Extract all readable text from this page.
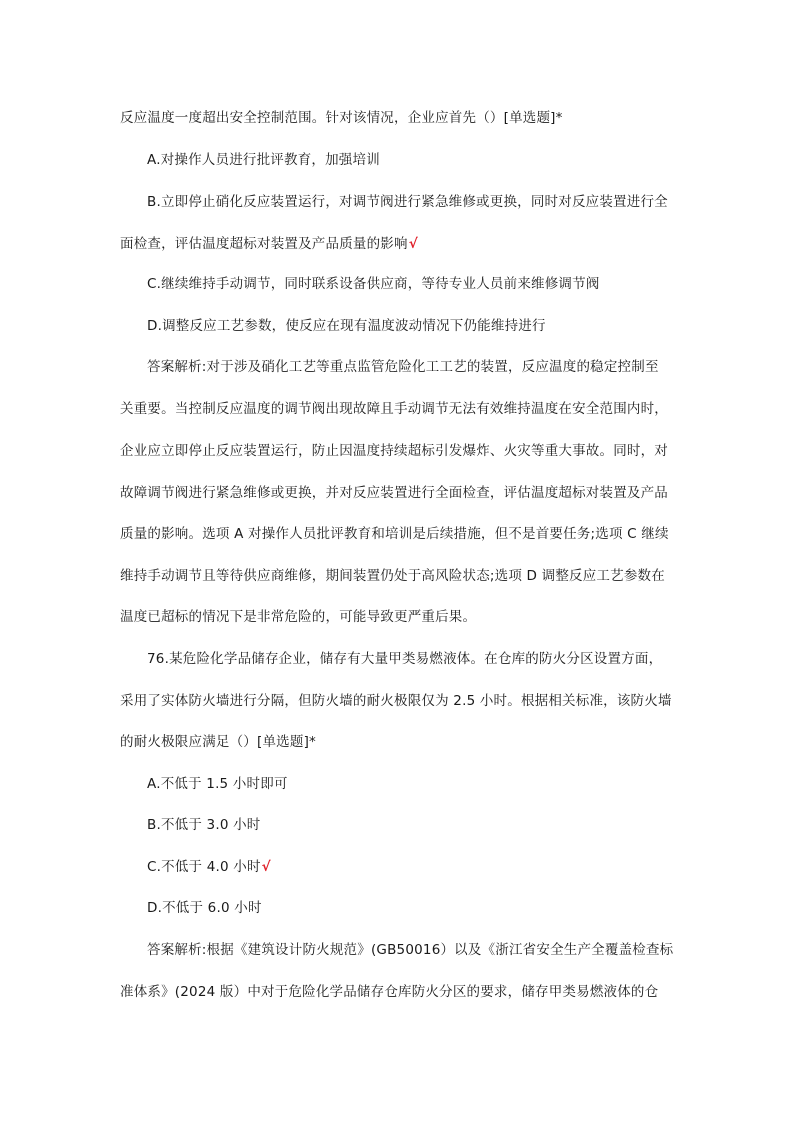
反应温度一度超出安全控制范围。针对该情况，企业应首先（）[单选题]*
A.对操作人员进行批评教育，加强培训
B.立即停止硝化反应装置运行，对调节阀进行紧急维修或更换，同时对反应装置进行全
面检查，评估温度超标对装置及产品质量的影响√
C.继续维持手动调节，同时联系设备供应商，等待专业人员前来维修调节阀
D.调整反应工艺参数，使反应在现有温度波动情况下仍能维持进行
答案解析:对于涉及硝化工艺等重点监管危险化工工艺的装置，反应温度的稳定控制至
关重要。当控制反应温度的调节阀出现故障且手动调节无法有效维持温度在安全范围内时，
企业应立即停止反应装置运行，防止因温度持续超标引发爆炸、火灾等重大事故。同时，对
故障调节阀进行紧急维修或更换，并对反应装置进行全面检查，评估温度超标对装置及产品
质量的影响。选项 A 对操作人员批评教育和培训是后续措施，但不是首要任务;选项 C 继续
维持手动调节且等待供应商维修，期间装置仍处于高风险状态;选项 D 调整反应工艺参数在
温度已超标的情况下是非常危险的，可能导致更严重后果。
76.某危险化学品储存企业，储存有大量甲类易燃液体。在仓库的防火分区设置方面，
采用了实体防火墙进行分隔，但防火墙的耐火极限仅为 2.5 小时。根据相关标准，该防火墙
的耐火极限应满足（）[单选题]*
A.不低于 1.5 小时即可
B.不低于 3.0 小时
C.不低于 4.0 小时√
D.不低于 6.0 小时
答案解析:根据《建筑设计防火规范》(GB50016）以及《浙江省安全生产全覆盖检查标
准体系》(2024 版）中对于危险化学品储存仓库防火分区的要求，储存甲类易燃液体的仓
